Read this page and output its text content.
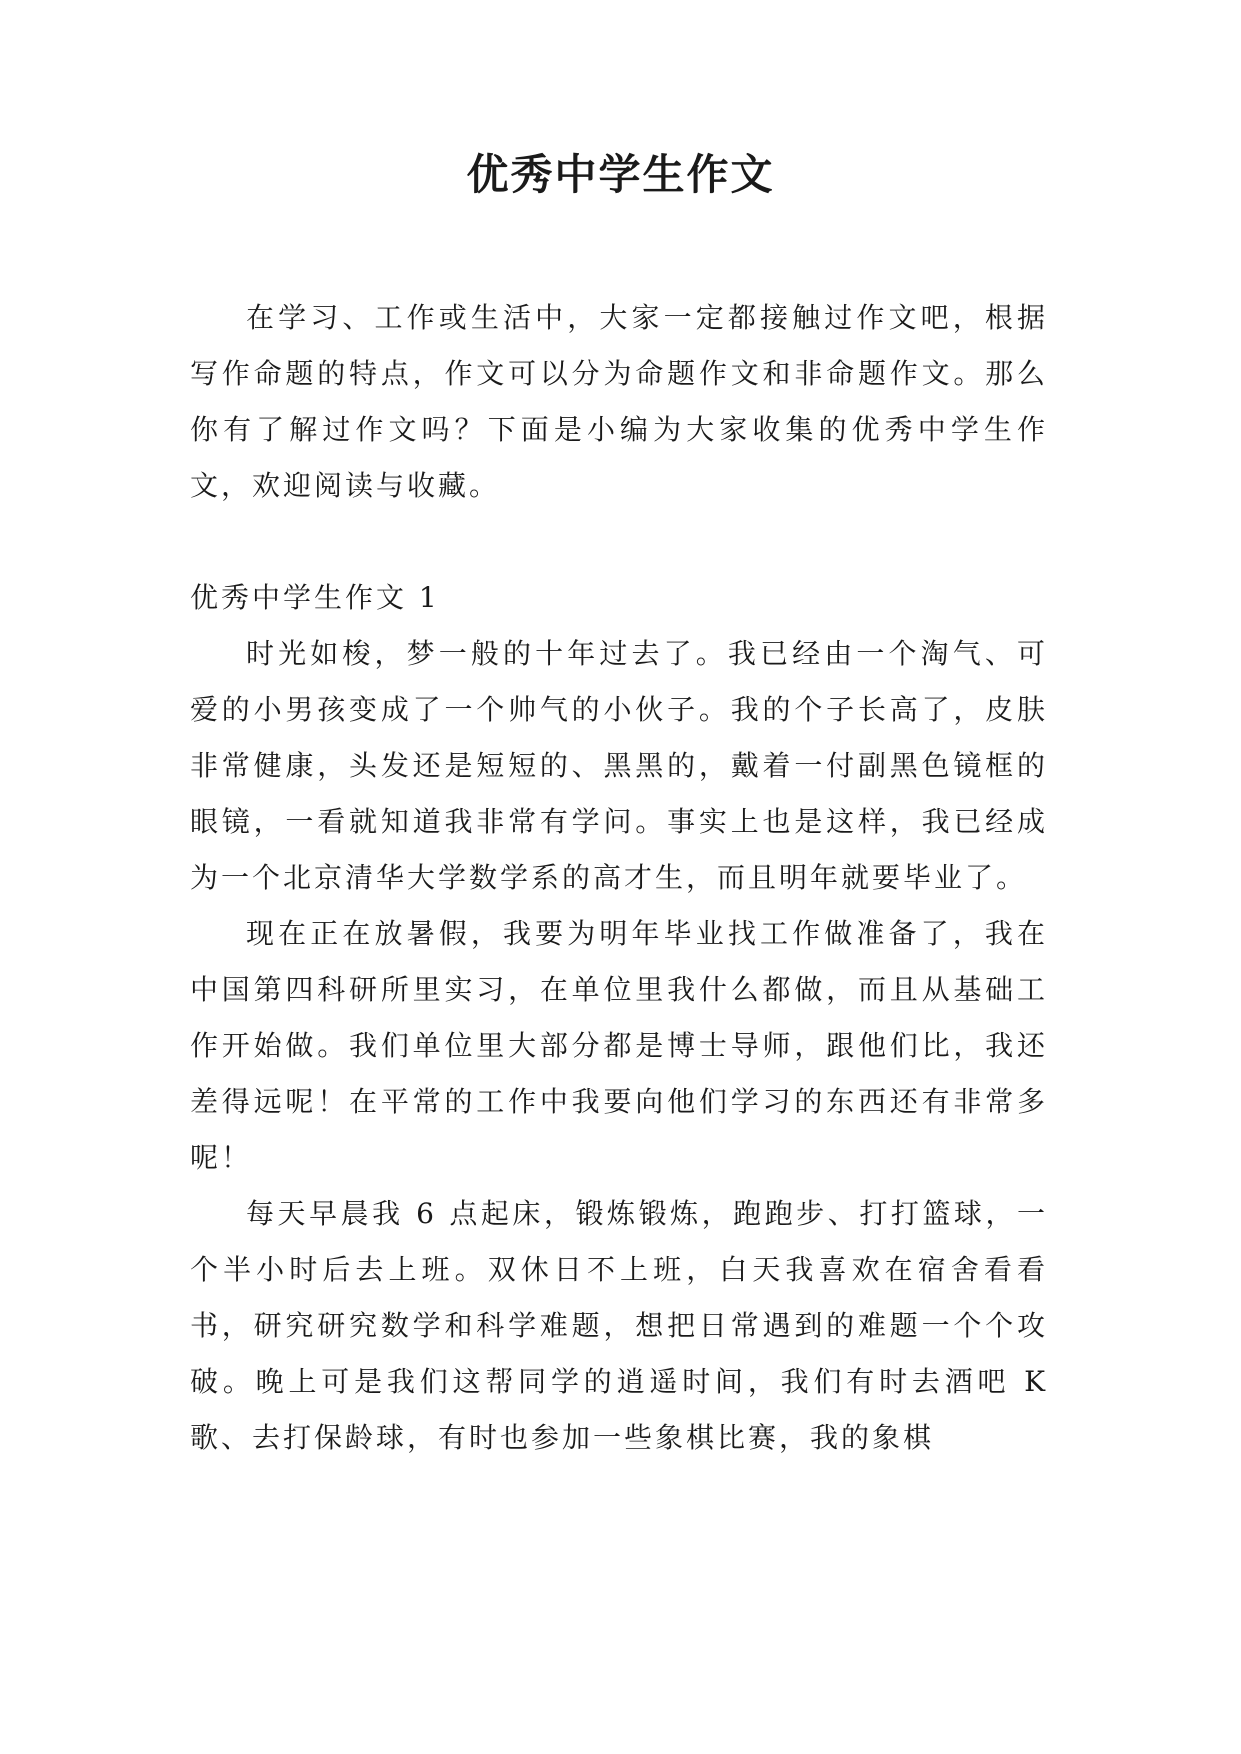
优秀中学生作文

在学习、工作或生活中，大家一定都接触过作文吧，根据写作命题的特点，作文可以分为命题作文和非命题作文。那么你有了解过作文吗？下面是小编为大家收集的优秀中学生作文，欢迎阅读与收藏。

优秀中学生作文 1

时光如梭，梦一般的十年过去了。我已经由一个淘气、可爱的小男孩变成了一个帅气的小伙子。我的个子长高了，皮肤非常健康，头发还是短短的、黑黑的，戴着一付副黑色镜框的眼镜，一看就知道我非常有学问。事实上也是这样，我已经成为一个北京清华大学数学系的高才生，而且明年就要毕业了。

现在正在放暑假，我要为明年毕业找工作做准备了，我在中国第四科研所里实习，在单位里我什么都做，而且从基础工作开始做。我们单位里大部分都是博士导师，跟他们比，我还差得远呢！在平常的工作中我要向他们学习的东西还有非常多呢！

每天早晨我 6 点起床，锻炼锻炼，跑跑步、打打篮球，一个半小时后去上班。双休日不上班，白天我喜欢在宿舍看看书，研究研究数学和科学难题，想把日常遇到的难题一个个攻破。晚上可是我们这帮同学的逍遥时间，我们有时去酒吧 K 歌、去打保龄球，有时也参加一些象棋比赛，我的象棋
